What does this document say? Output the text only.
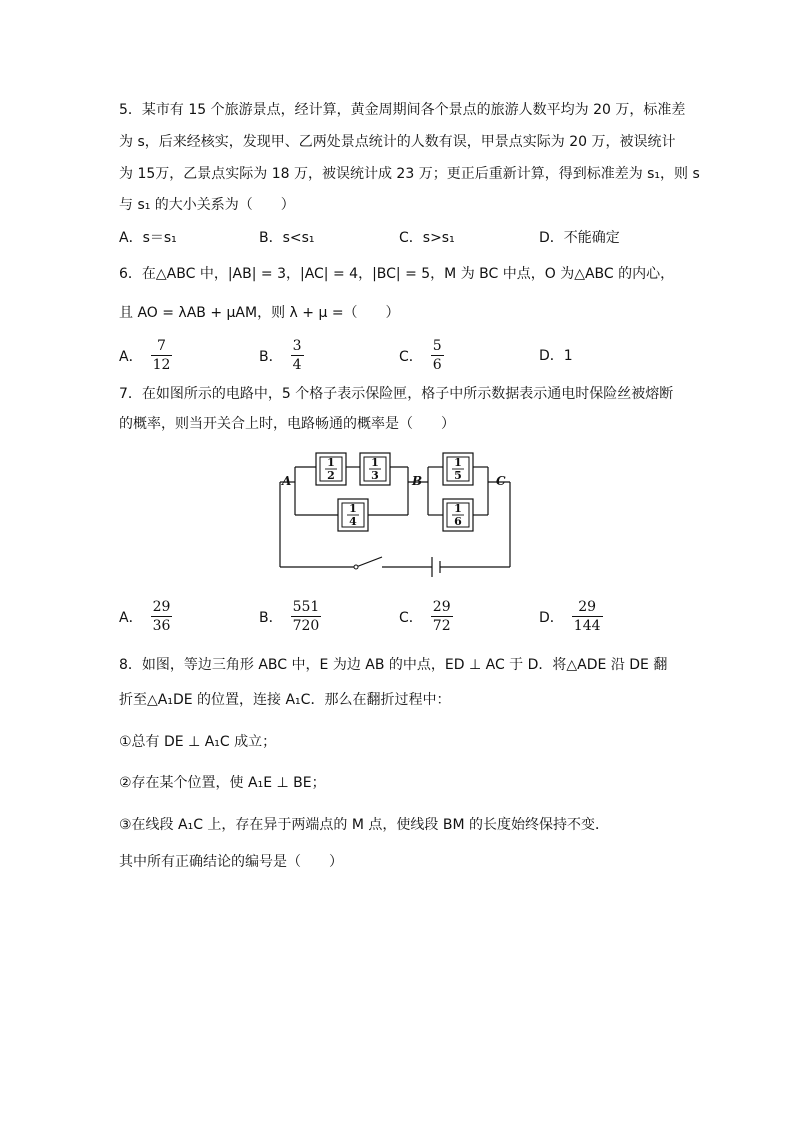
5．某市有 15 个旅游景点，经计算，黄金周期间各个景点的旅游人数平均为 20 万，标准差
为 s，后来经核实，发现甲、乙两处景点统计的人数有误，甲景点实际为 20 万，被误统计
为 15万，乙景点实际为 18 万，被误统计成 23 万；更正后重新计算，得到标准差为 s₁，则 s
与 s₁ 的大小关系为（　　）
A．s＝s₁	B．s<s₁	C．s>s₁	D．不能确定
6．在△ABC 中，|AB| = 3，|AC| = 4，|BC| = 5，M 为 BC 中点，O 为△ABC 的内心，
且 AO = λAB + μAM，则 λ + μ =（　　）
A． $\frac{7}{12}$	B． $\frac{3}{4}$	C． $\frac{5}{6}$	D．1
7．在如图所示的电路中，5 个格子表示保险匣，格子中所示数据表示通电时保险丝被熔断
的概率，则当开关合上时，电路畅通的概率是（　　）
1
2
1
3
1
4
1
5
1
6
A	B	C
A． $\frac{29}{36}$	B． $\frac{551}{720}$	C． $\frac{29}{72}$	D． $\frac{29}{144}$
8．如图，等边三角形 ABC 中，E 为边 AB 的中点，ED ⊥ AC 于 D．将△ADE 沿 DE 翻
折至△A₁DE 的位置，连接 A₁C．那么在翻折过程中：
①总有 DE ⊥ A₁C 成立；
②存在某个位置，使 A₁E ⊥ BE；
③在线段 A₁C 上，存在异于两端点的 M 点，使线段 BM 的长度始终保持不变．
其中所有正确结论的编号是（　　）
